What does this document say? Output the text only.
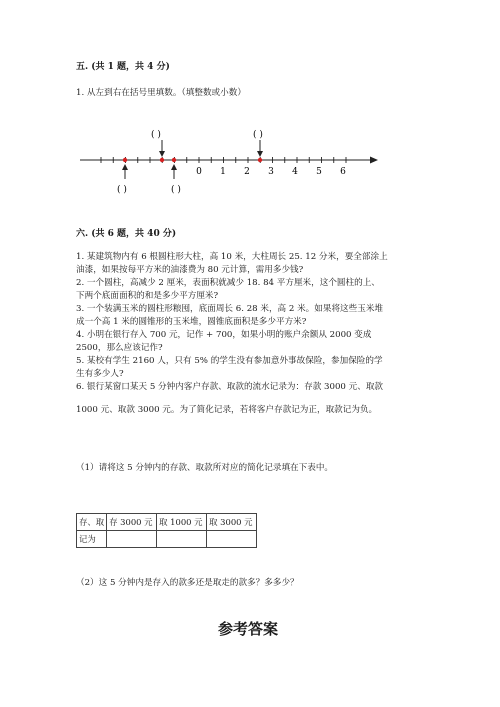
五. (共 1 题，共 4 分)
1. 从左到右在括号里填数。（填整数或小数）
( )	( )
( )	( )
0 1 2 3 4 5 6
六. (共 6 题，共 40 分)
1. 某建筑物内有 6 根圆柱形大柱，高 10 米，大柱周长 25. 12 分米，要全部涂上
油漆，如果按每平方米的油漆费为 80 元计算，需用多少钱?
2. 一个圆柱，高减少 2 厘米，表面积就减少 18. 84 平方厘米，这个圆柱的上、
下两个底面面积的和是多少平方厘米?
3. 一个装满玉米的圆柱形粮囤，底面周长 6. 28 米，高 2 米。如果将这些玉米堆
成一个高 1 米的圆锥形的玉米堆，圆锥底面积是多少平方米?
4. 小明在银行存入 700 元，记作 + 700，如果小明的账户余额从 2000 变成
2500，那么应该记作?
5. 某校有学生 2160 人，只有 5% 的学生没有参加意外事故保险，参加保险的学
生有多少人?
6. 银行某窗口某天 5 分钟内客户存款、取款的流水记录为：存款 3000 元、取款
1000 元、取款 3000 元。为了简化记录，若将客户存款记为正，取款记为负。
（1）请将这 5 分钟内的存款、取款所对应的简化记录填在下表中。
存、取	存 3000 元	取 1000 元	取 3000 元
记为			
（2）这 5 分钟内是存入的款多还是取走的款多？多多少？
参考答案
